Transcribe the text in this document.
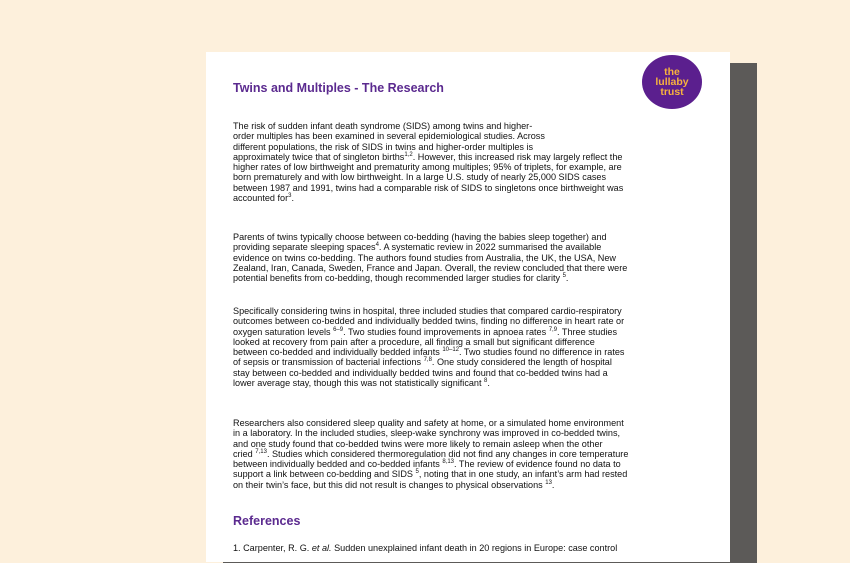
the
lullaby
trust
Twins and Multiples - The Research

The risk of sudden infant death syndrome (SIDS) among twins and higher-

order multiples has been examined in several epidemiological studies. Across

different populations, the risk of SIDS in twins and higher-order multiples is

approximately twice that of singleton births$^{1,2}$. However, this increased risk may largely reflect the

higher rates of low birthweight and prematurity among multiples; 95% of triplets, for example, are

born prematurely and with low birthweight. In a large U.S. study of nearly 25,000 SIDS cases

between 1987 and 1991, twins had a comparable risk of SIDS to singletons once birthweight was

accounted for$^3$.

Parents of twins typically choose between co-bedding (having the babies sleep together) and

providing separate sleeping spaces$^4$. A systematic review in 2022 summarised the available

evidence on twins co-bedding. The authors found studies from Australia, the UK, the USA, New

Zealand, Iran, Canada, Sweden, France and Japan. Overall, the review concluded that there were

potential benefits from co-bedding, though recommended larger studies for clarity $^5$.

Specifically considering twins in hospital, three included studies that compared cardio-respiratory

outcomes between co-bedded and individually bedded twins, finding no difference in heart rate or

oxygen saturation levels $^{6-9}$. Two studies found improvements in apnoea rates $^{7,9}$. Three studies

looked at recovery from pain after a procedure, all finding a small but significant difference

between co-bedded and individually bedded infants $^{10-12}$. Two studies found no difference in rates

of sepsis or transmission of bacterial infections $^{7,8}$. One study considered the length of hospital

stay between co-bedded and individually bedded twins and found that co-bedded twins had a

lower average stay, though this was not statistically significant $^8$.

Researchers also considered sleep quality and safety at home, or a simulated home environment

in a laboratory. In the included studies, sleep-wake synchrony was improved in co-bedded twins,

and one study found that co-bedded twins were more likely to remain asleep when the other

cried $^{7,13}$. Studies which considered thermoregulation did not find any changes in core temperature

between individually bedded and co-bedded infants $^{8,13}$. The review of evidence found no data to

support a link between co-bedding and SIDS $^5$, noting that in one study, an infant’s arm had rested

on their twin’s face, but this did not result is changes to physical observations $^{13}$.

References
1. Carpenter, R. G. et al. Sudden unexplained infant death in 20 regions in Europe: case control
